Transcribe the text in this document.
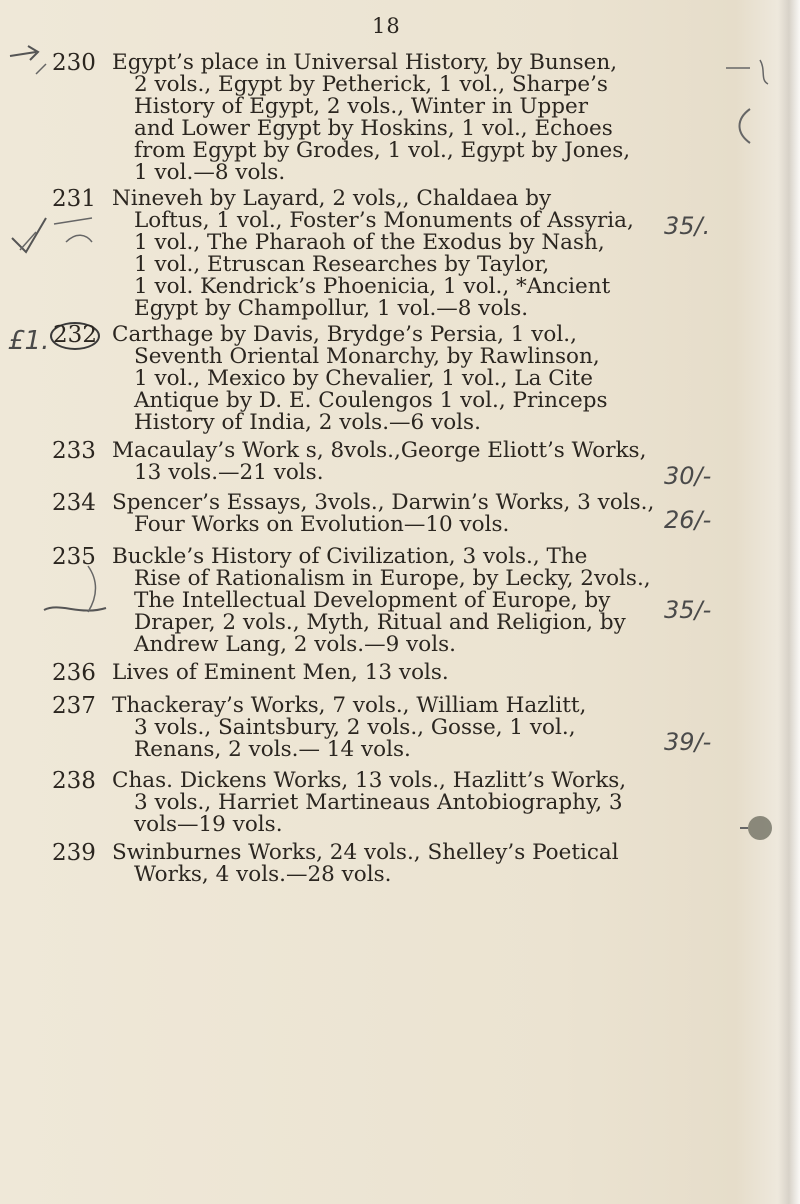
18
230 Egypt’s place in Universal History, by Bunsen,
2 vols., Egypt by Petherick, 1 vol., Sharpe’s
History of Egypt, 2 vols., Winter in Upper
and Lower Egypt by Hoskins, 1 vol., Echoes
from Egypt by Grodes, 1 vol., Egypt by Jones,
1 vol.—8 vols.
231 Nineveh by Layard, 2 vols,, Chaldaea by
Loftus, 1 vol., Foster’s Monuments of Assyria,
1 vol., The Pharaoh of the Exodus by Nash,
1 vol., Etruscan Researches by Taylor,
1 vol. Kendrick’s Phoenicia, 1 vol., *Ancient
Egypt by Champollur, 1 vol.—8 vols.
232 Carthage by Davis, Brydge’s Persia, 1 vol.,
Seventh Oriental Monarchy, by Rawlinson,
1 vol., Mexico by Chevalier, 1 vol., La Cite
Antique by D. E. Coulengos 1 vol., Princeps
History of India, 2 vols.—6 vols.
233 Macaulay’s Work s, 8vols.,George Eliott’s Works,
13 vols.—21 vols.
234 Spencer’s Essays, 3vols., Darwin’s Works, 3 vols.,
Four Works on Evolution—10 vols.
235 Buckle’s History of Civilization, 3 vols., The
Rise of Rationalism in Europe, by Lecky, 2vols.,
The Intellectual Development of Europe, by
Draper, 2 vols., Myth, Ritual and Religion, by
Andrew Lang, 2 vols.—9 vols.
236 Lives of Eminent Men, 13 vols.
237 Thackeray’s Works, 7 vols., William Hazlitt,
3 vols., Saintsbury, 2 vols., Gosse, 1 vol.,
Renans, 2 vols.— 14 vols.
238 Chas. Dickens Works, 13 vols., Hazlitt’s Works,
3 vols., Harriet Martineaus Antobiography, 3
vols—19 vols.
239 Swinburnes Works, 24 vols., Shelley’s Poetical
Works, 4 vols.—28 vols.
£1.
35/.
30/-
26/-
35/-
39/-
